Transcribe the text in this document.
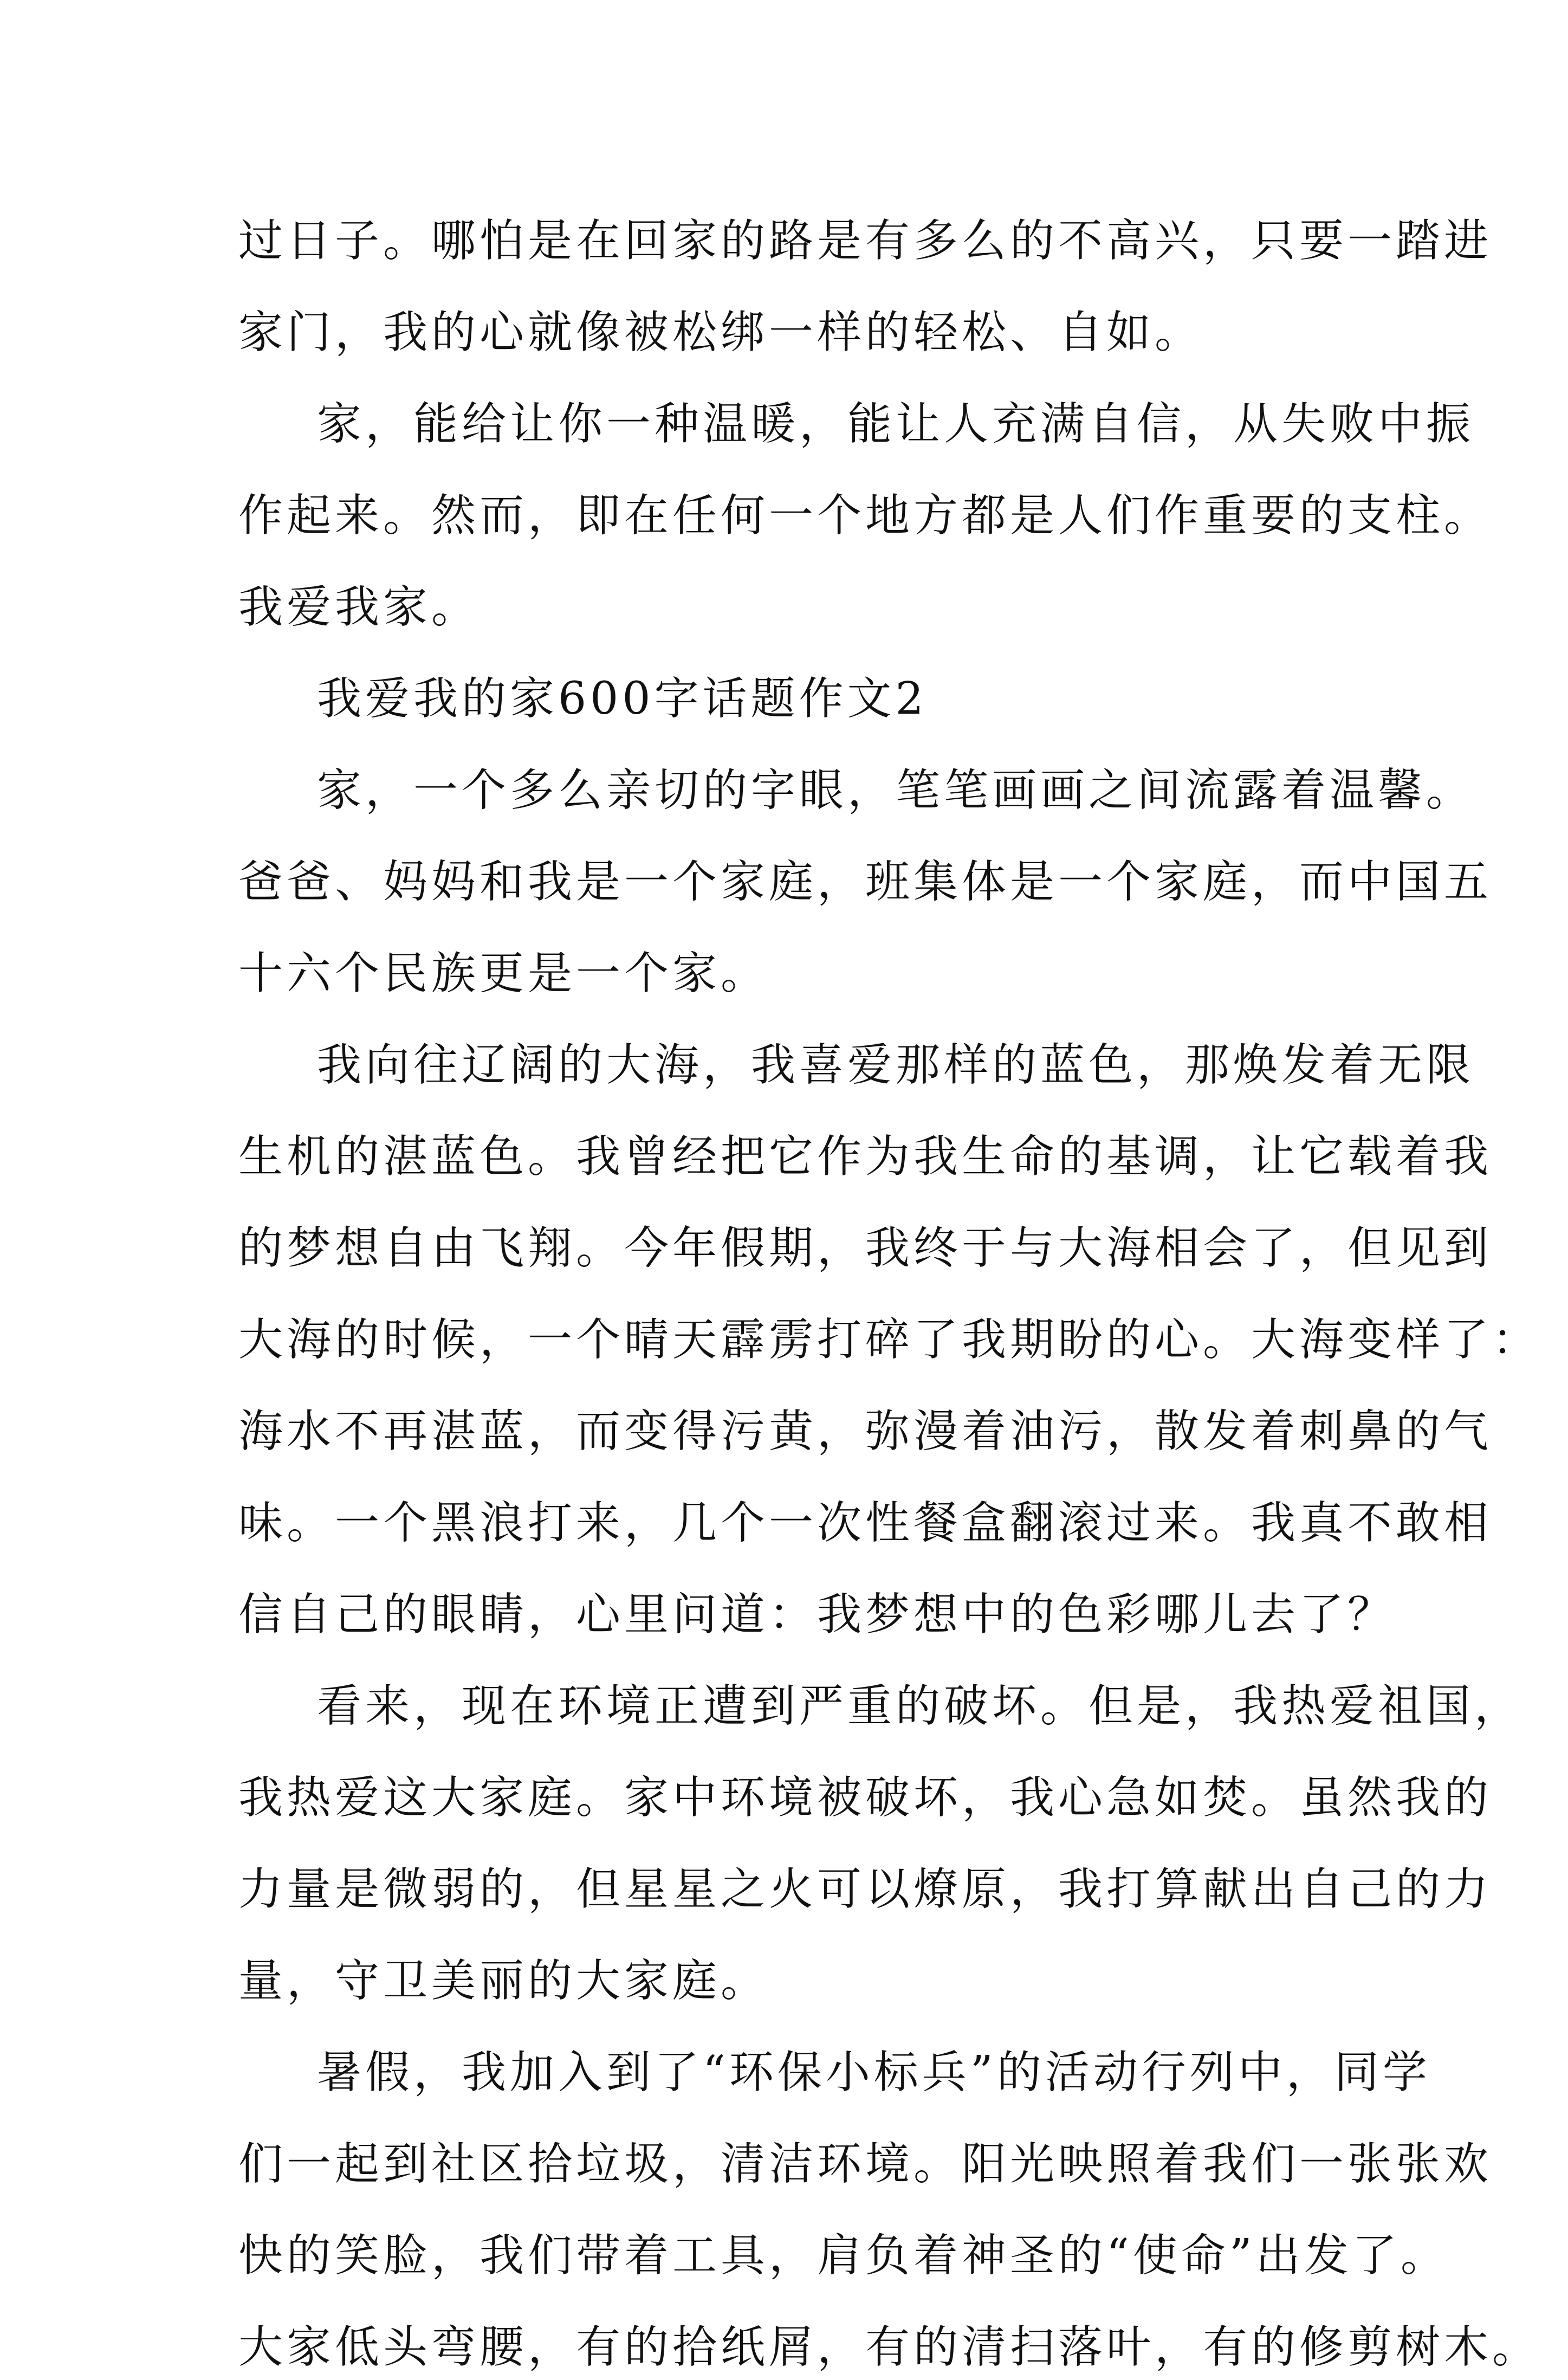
过日子。哪怕是在回家的路是有多么的不高兴，只要一踏进
家门，我的心就像被松绑一样的轻松、自如。
家，能给让你一种温暖，能让人充满自信，从失败中振
作起来。然而，即在任何一个地方都是人们作重要的支柱。
我爱我家。
我爱我的家600字话题作文2
家，一个多么亲切的字眼，笔笔画画之间流露着温馨。
爸爸、妈妈和我是一个家庭，班集体是一个家庭，而中国五
十六个民族更是一个家。
我向往辽阔的大海，我喜爱那样的蓝色，那焕发着无限
生机的湛蓝色。我曾经把它作为我生命的基调，让它载着我
的梦想自由飞翔。今年假期，我终于与大海相会了，但见到
大海的时候，一个晴天霹雳打碎了我期盼的心。大海变样了：
海水不再湛蓝，而变得污黄，弥漫着油污，散发着刺鼻的气
味。一个黑浪打来，几个一次性餐盒翻滚过来。我真不敢相
信自己的眼睛，心里问道：我梦想中的色彩哪儿去了？
看来，现在环境正遭到严重的破坏。但是，我热爱祖国，
我热爱这大家庭。家中环境被破坏，我心急如焚。虽然我的
力量是微弱的，但星星之火可以燎原，我打算献出自己的力
量，守卫美丽的大家庭。
暑假，我加入到了“环保小标兵”的活动行列中，同学
们一起到社区拾垃圾，清洁环境。阳光映照着我们一张张欢
快的笑脸，我们带着工具，肩负着神圣的“使命”出发了。
大家低头弯腰，有的拾纸屑，有的清扫落叶，有的修剪树木。
